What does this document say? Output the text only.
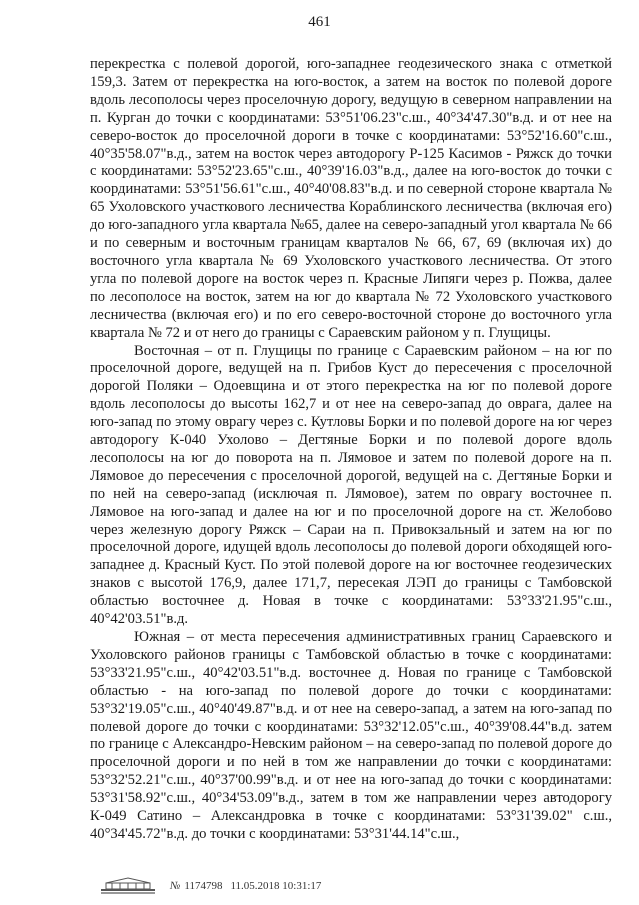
461

перекрестка с полевой дорогой, юго-западнее геодезического знака с отметкой 159,3. Затем от перекрестка на юго-восток, а затем на восток по полевой дороге вдоль лесополосы через проселочную дорогу, ведущую в северном направлении на п. Курган до точки с координатами: 53°51'06.23"с.ш., 40°34'47.30"в.д. и от нее на северо-восток до проселочной дороги в точке с координатами: 53°52'16.60"с.ш., 40°35'58.07"в.д., затем на восток через автодорогу Р-125 Касимов - Ряжск до точки с координатами: 53°52'23.65"с.ш., 40°39'16.03"в.д., далее на юго-восток до точки с координатами: 53°51'56.61"с.ш., 40°40'08.83"в.д. и по северной стороне квартала № 65 Ухоловского участкового лесничества Кораблинского лесничества (включая его) до юго-западного угла квартала №65, далее на северо-западный угол квартала № 66 и по северным и восточным границам кварталов № 66, 67, 69 (включая их) до восточного угла квартала № 69 Ухоловского участкового лесничества. От этого угла по полевой дороге на восток через п. Красные Липяги через р. Пожва, далее по лесополосе на восток, затем на юг до квартала № 72 Ухоловского участкового лесничества (включая его) и по его северо-восточной стороне до восточного угла квартала № 72 и от него до границы с Сараевским районом у п. Глущицы.

Восточная – от п. Глущицы по границе с Сараевским районом – на юг по проселочной дороге, ведущей на п. Грибов Куст до пересечения с проселочной дорогой Поляки – Одоевщина и от этого перекрестка на юг по полевой дороге вдоль лесополосы до высоты 162,7 и от нее на северо-запад до оврага, далее на юго-запад по этому оврагу через с. Кутловы Борки и по полевой дороге на юг через автодорогу К-040 Ухолово – Дегтяные Борки и по полевой дороге вдоль лесополосы на юг до поворота на п. Лямовое и затем по полевой дороге на п. Лямовое до пересечения с проселочной дорогой, ведущей на с. Дегтяные Борки и по ней на северо-запад (исключая п. Лямовое), затем по оврагу восточнее п. Лямовое на юго-запад и далее на юг и по проселочной дороге на ст. Желобово через железную дорогу Ряжск – Сараи на п. Привокзальный и затем на юг по проселочной дороге, идущей вдоль лесополосы до полевой дороги обходящей юго-западнее д. Красный Куст. По этой полевой дороге на юг восточнее геодезических знаков с высотой 176,9, далее 171,7, пересекая ЛЭП до границы с Тамбовской областью восточнее д. Новая в точке с координатами: 53°33'21.95"с.ш., 40°42'03.51"в.д.

Южная – от места пересечения административных границ Сараевского и Ухоловского районов границы с Тамбовской областью в точке с координатами: 53°33'21.95"с.ш., 40°42'03.51"в.д. восточнее д. Новая по границе с Тамбовской областью - на юго-запад по полевой дороге до точки с координатами: 53°32'19.05"с.ш., 40°40'49.87"в.д. и от нее на северо-запад, а затем на юго-запад по полевой дороге до точки с координатами: 53°32'12.05"с.ш., 40°39'08.44"в.д. затем по границе с Александро-Невским районом – на северо-запад по полевой дороге до проселочной дороги и по ней в том же направлении до точки с координатами: 53°32'52.21"с.ш., 40°37'00.99"в.д. и от нее на юго-запад до точки с координатами: 53°31'58.92"с.ш., 40°34'53.09"в.д., затем в том же направлении через автодорогу К-049 Сатино – Александровка в точке с координатами: 53°31'39.02" с.ш., 40°34'45.72"в.д. до точки с координатами: 53°31'44.14"с.ш.,

№ 1174798 11.05.2018 10:31:17
